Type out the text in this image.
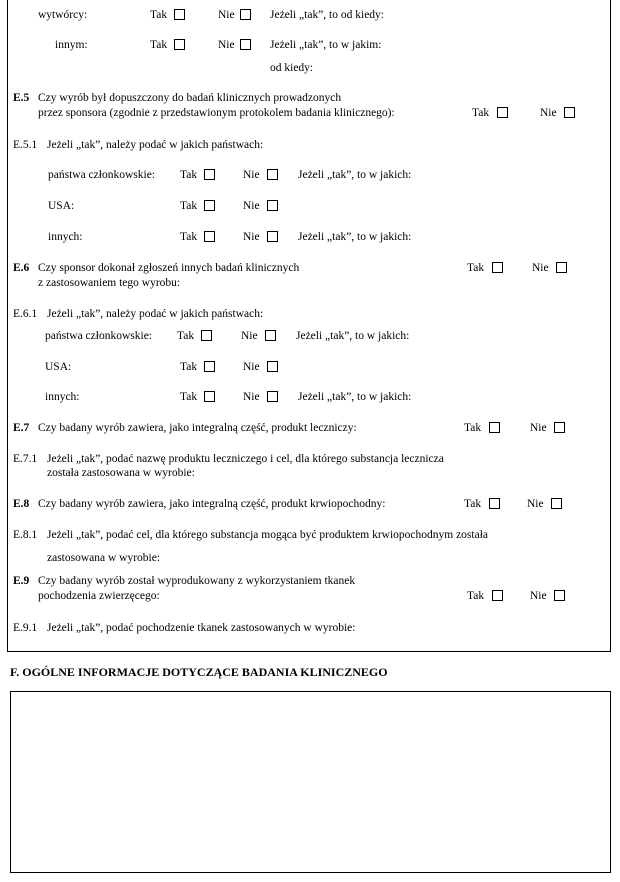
wytwórcy:	Tak	Nie	Jeżeli „tak”, to od kiedy:
innym:	Tak	Nie	Jeżeli „tak”, to w jakim:
od kiedy:
E.5 Czy wyrób był dopuszczony do badań klinicznych prowadzonych
przez sponsora (zgodnie z przedstawionym protokolem badania klinicznego):	Tak	Nie
E.5.1 Jeżeli „tak”, należy podać w jakich państwach:
państwa członkowskie: Tak	Nie	Jeżeli „tak”, to w jakich:
USA:	Tak	Nie
innych:	Tak	Nie	Jeżeli „tak”, to w jakich:
E.6 Czy sponsor dokonał zgłoszeń innych badań klinicznych
z zastosowaniem tego wyrobu:
Tak	Nie
E.6.1 Jeżeli „tak”, należy podać w jakich państwach:
państwa członkowskie: Tak	Nie	Jeżeli „tak”, to w jakich:
USA:	Tak	Nie
innych:	Tak	Nie	Jeżeli „tak”, to w jakich:
E.7 Czy badany wyrób zawiera, jako integralną część, produkt leczniczy:	Tak	Nie
E.7.1 Jeżeli „tak”, podać nazwę produktu leczniczego i cel, dla którego substancja lecznicza
została zastosowana w wyrobie:
E.8 Czy badany wyrób zawiera, jako integralną część, produkt krwiopochodny:	Tak	Nie
E.8.1 Jeżeli „tak”, podać cel, dla którego substancja mogąca być produktem krwiopochodnym została
zastosowana w wyrobie:
E.9 Czy badany wyrób został wyprodukowany z wykorzystaniem tkanek
pochodzenia zwierzęcego:	Tak	Nie
E.9.1 Jeżeli „tak”, podać pochodzenie tkanek zastosowanych w wyrobie:
F. OGÓLNE INFORMACJE DOTYCZĄCE BADANIA KLINICZNEGO
